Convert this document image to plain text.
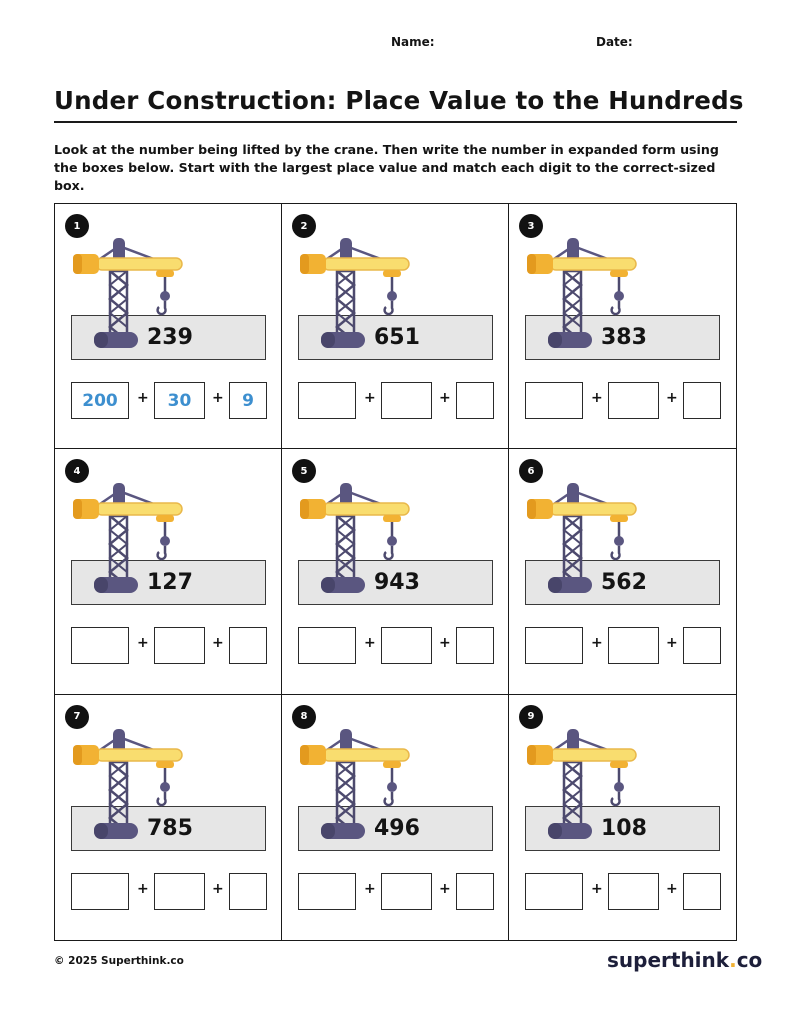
Name:	Date:
Under Construction: Place Value to the Hundreds

Look at the number being lifted by the crane. Then write the number in expanded form using the boxes below. Start with the largest place value and match each digit to the correct-sized box.

1
239
200	+	30	+	9
2
651
+	+
3
383
+	+
4
127
+	+
5
943
+	+
6
562
+	+
7
785
+	+
8
496
+	+
9
108
+	+
© 2025 Superthink.co	superthink.co
